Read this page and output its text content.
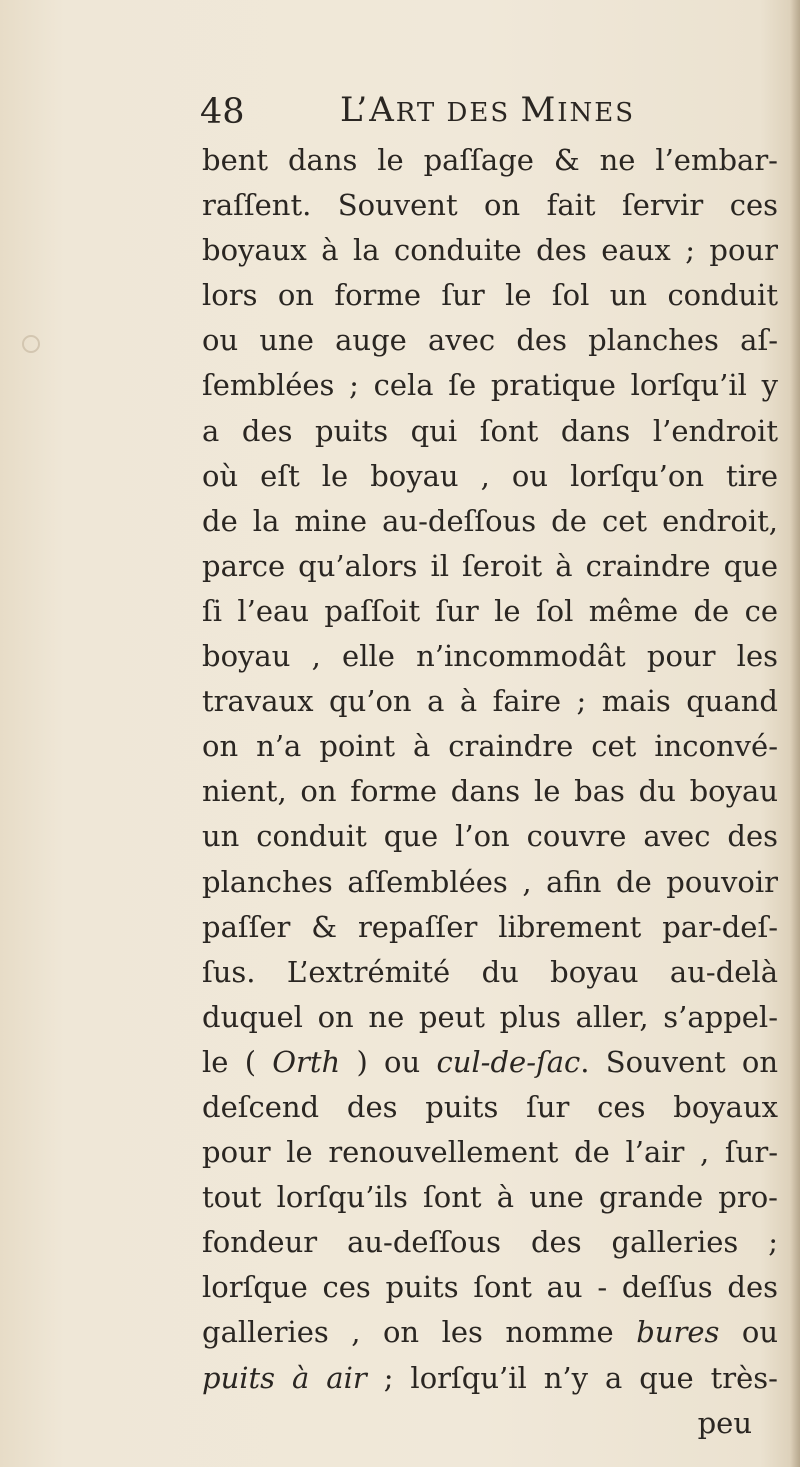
48	L’ART DES MINES
bent dans le paſſage & ne l’embar-
raſſent. Souvent on fait ſervir ces
boyaux à la conduite des eaux ; pour
lors on forme ſur le ſol un conduit
ou une auge avec des planches aſ-
ſemblées ; cela ſe pratique lorſqu’il y
a des puits qui ſont dans l’endroit
où eſt le boyau , ou lorſqu’on tire
de la mine au-deſſous de cet endroit,
parce qu’alors il ſeroit à craindre que
ſi l’eau paſſoit ſur le ſol même de ce
boyau , elle n’incommodât pour les
travaux qu’on a à faire ; mais quand
on n’a point à craindre cet inconvé-
nient, on forme dans le bas du boyau
un conduit que l’on couvre avec des
planches aſſemblées , afin de pouvoir
paſſer & repaſſer librement par-deſ-
ſus. L’extrémité du boyau au-delà
duquel on ne peut plus aller, s’appel-
le ( Orth ) ou cul-de-ſac. Souvent on
deſcend des puits ſur ces boyaux
pour le renouvellement de l’air , ſur-
tout lorſqu’ils ſont à une grande pro-
fondeur au-deſſous des galleries ;
lorſque ces puits ſont au - deſſus des
galleries , on les nomme bures ou
puits à air ; lorſqu’il n’y a que très-
peu
